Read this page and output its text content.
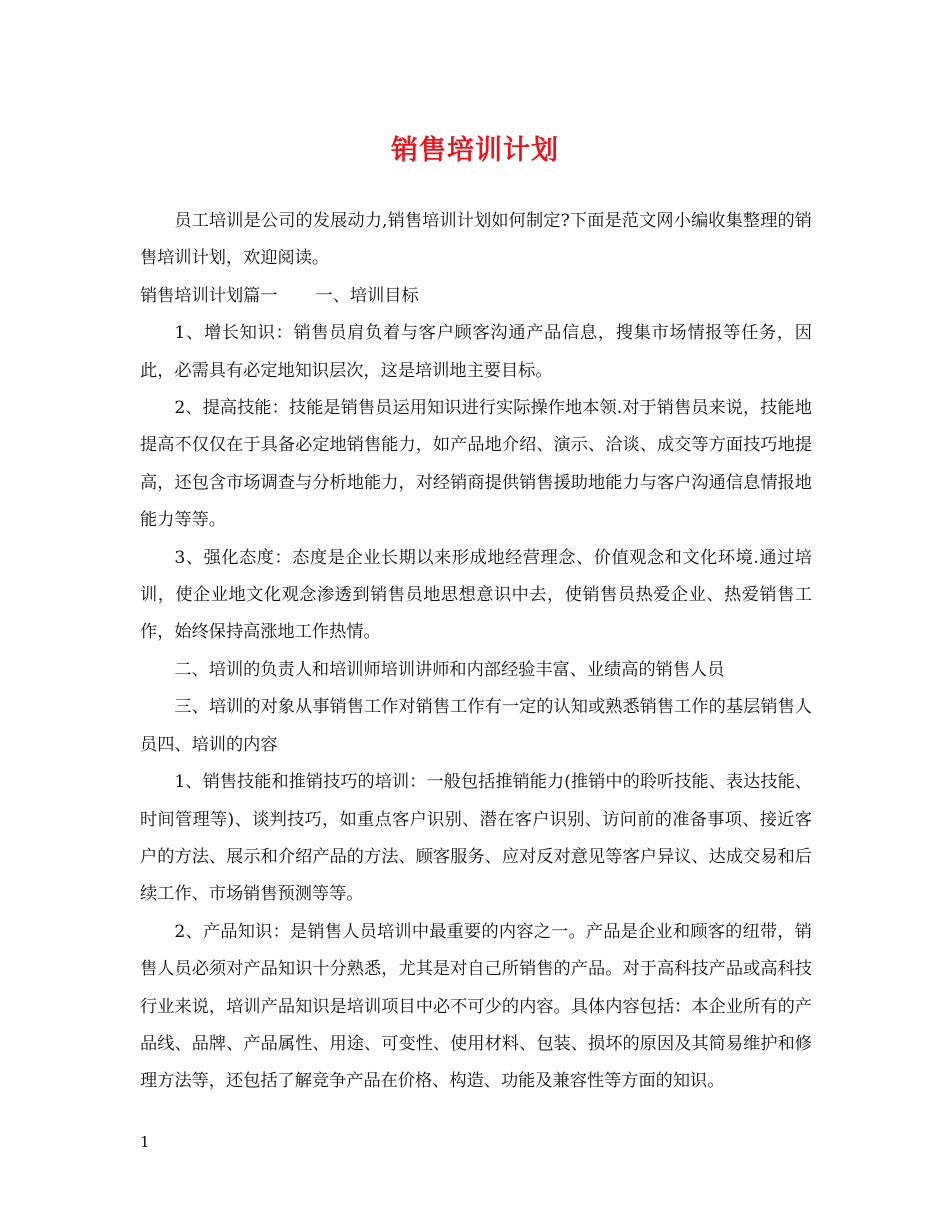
销售培训计划

员工培训是公司的发展动力,销售培训计划如何制定?下面是范文网小编收集整理的销售培训计划，欢迎阅读。

销售培训计划篇一 一、培训目标

1、增长知识：销售员肩负着与客户顾客沟通产品信息，搜集市场情报等任务，因此，必需具有必定地知识层次，这是培训地主要目标。

2、提高技能：技能是销售员运用知识进行实际操作地本领.对于销售员来说，技能地提高不仅仅在于具备必定地销售能力，如产品地介绍、演示、洽谈、成交等方面技巧地提高，还包含市场调查与分析地能力，对经销商提供销售援助地能力与客户沟通信息情报地能力等等。

3、强化态度：态度是企业长期以来形成地经营理念、价值观念和文化环境.通过培训，使企业地文化观念渗透到销售员地思想意识中去，使销售员热爱企业、热爱销售工作，始终保持高涨地工作热情。

二、培训的负责人和培训师培训讲师和内部经验丰富、业绩高的销售人员

三、培训的对象从事销售工作对销售工作有一定的认知或熟悉销售工作的基层销售人员四、培训的内容

1、销售技能和推销技巧的培训：一般包括推销能力(推销中的聆听技能、表达技能、时间管理等)、谈判技巧，如重点客户识别、潜在客户识别、访问前的准备事项、接近客户的方法、展示和介绍产品的方法、顾客服务、应对反对意见等客户异议、达成交易和后续工作、市场销售预测等等。

2、产品知识：是销售人员培训中最重要的内容之一。产品是企业和顾客的纽带，销售人员必须对产品知识十分熟悉，尤其是对自己所销售的产品。对于高科技产品或高科技行业来说，培训产品知识是培训项目中必不可少的内容。具体内容包括：本企业所有的产品线、品牌、产品属性、用途、可变性、使用材料、包装、损坏的原因及其简易维护和修理方法等，还包括了解竞争产品在价格、构造、功能及兼容性等方面的知识。

1
